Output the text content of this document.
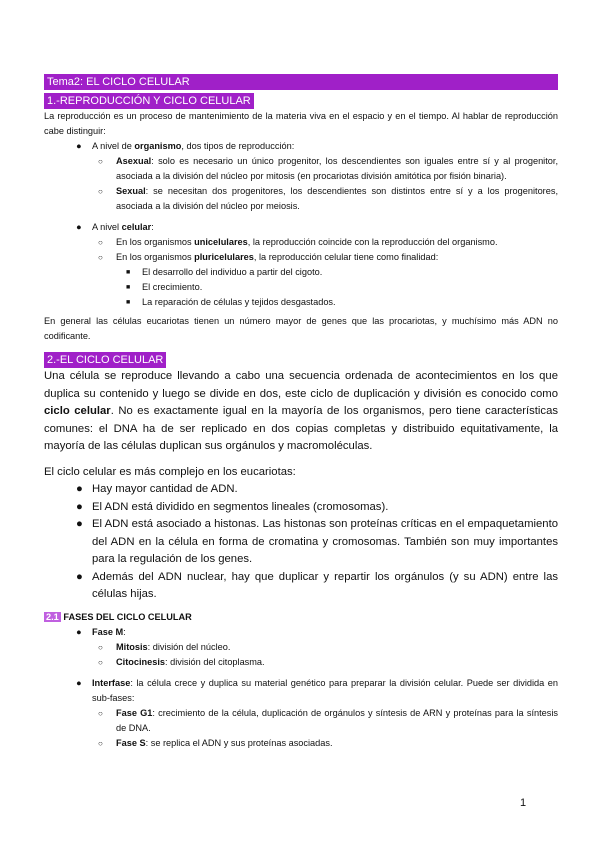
Tema2: EL CICLO CELULAR
1.-REPRODUCCIÓN Y CICLO CELULAR
La reproducción es un proceso de mantenimiento de la materia viva en el espacio y en el tiempo. Al hablar de reproducción cabe distinguir:
● A nivel de organismo, dos tipos de reproducción:
○ Asexual: solo es necesario un único progenitor, los descendientes son iguales entre sí y al progenitor, asociada a la división del núcleo por mitosis (en procariotas división amitótica por fisión binaria).
○ Sexual: se necesitan dos progenitores, los descendientes son distintos entre sí y a los progenitores, asociada a la división del núcleo por meiosis.
● A nivel celular:
○ En los organismos unicelulares, la reproducción coincide con la reproducción del organismo.
○ En los organismos pluricelulares, la reproducción celular tiene como finalidad:
■ El desarrollo del individuo a partir del cigoto.
■ El crecimiento.
■ La reparación de células y tejidos desgastados.
En general las células eucariotas tienen un número mayor de genes que las procariotas, y muchísimo más ADN no codificante.
2.-EL CICLO CELULAR
Una célula se reproduce llevando a cabo una secuencia ordenada de acontecimientos en los que duplica su contenido y luego se divide en dos, este ciclo de duplicación y división es conocido como ciclo celular. No es exactamente igual en la mayoría de los organismos, pero tiene características comunes: el DNA ha de ser replicado en dos copias completas y distribuido equitativamente, la mayoría de las células duplican sus orgánulos y macromoléculas.
El ciclo celular es más complejo en los eucariotas:
● Hay mayor cantidad de ADN.
● El ADN está dividido en segmentos lineales (cromosomas).
● El ADN está asociado a histonas. Las histonas son proteínas críticas en el empaquetamiento del ADN en la célula en forma de cromatina y cromosomas. También son muy importantes para la regulación de los genes.
● Además del ADN nuclear, hay que duplicar y repartir los orgánulos (y su ADN) entre las células hijas.
2.1 FASES DEL CICLO CELULAR
● Fase M:
○ Mitosis: división del núcleo.
○ Citocinesis: división del citoplasma.
● Interfase: la célula crece y duplica su material genético para preparar la división celular. Puede ser dividida en sub-fases:
○ Fase G1: crecimiento de la célula, duplicación de orgánulos y síntesis de ARN y proteínas para la síntesis de DNA.
○ Fase S: se replica el ADN y sus proteínas asociadas.
1
